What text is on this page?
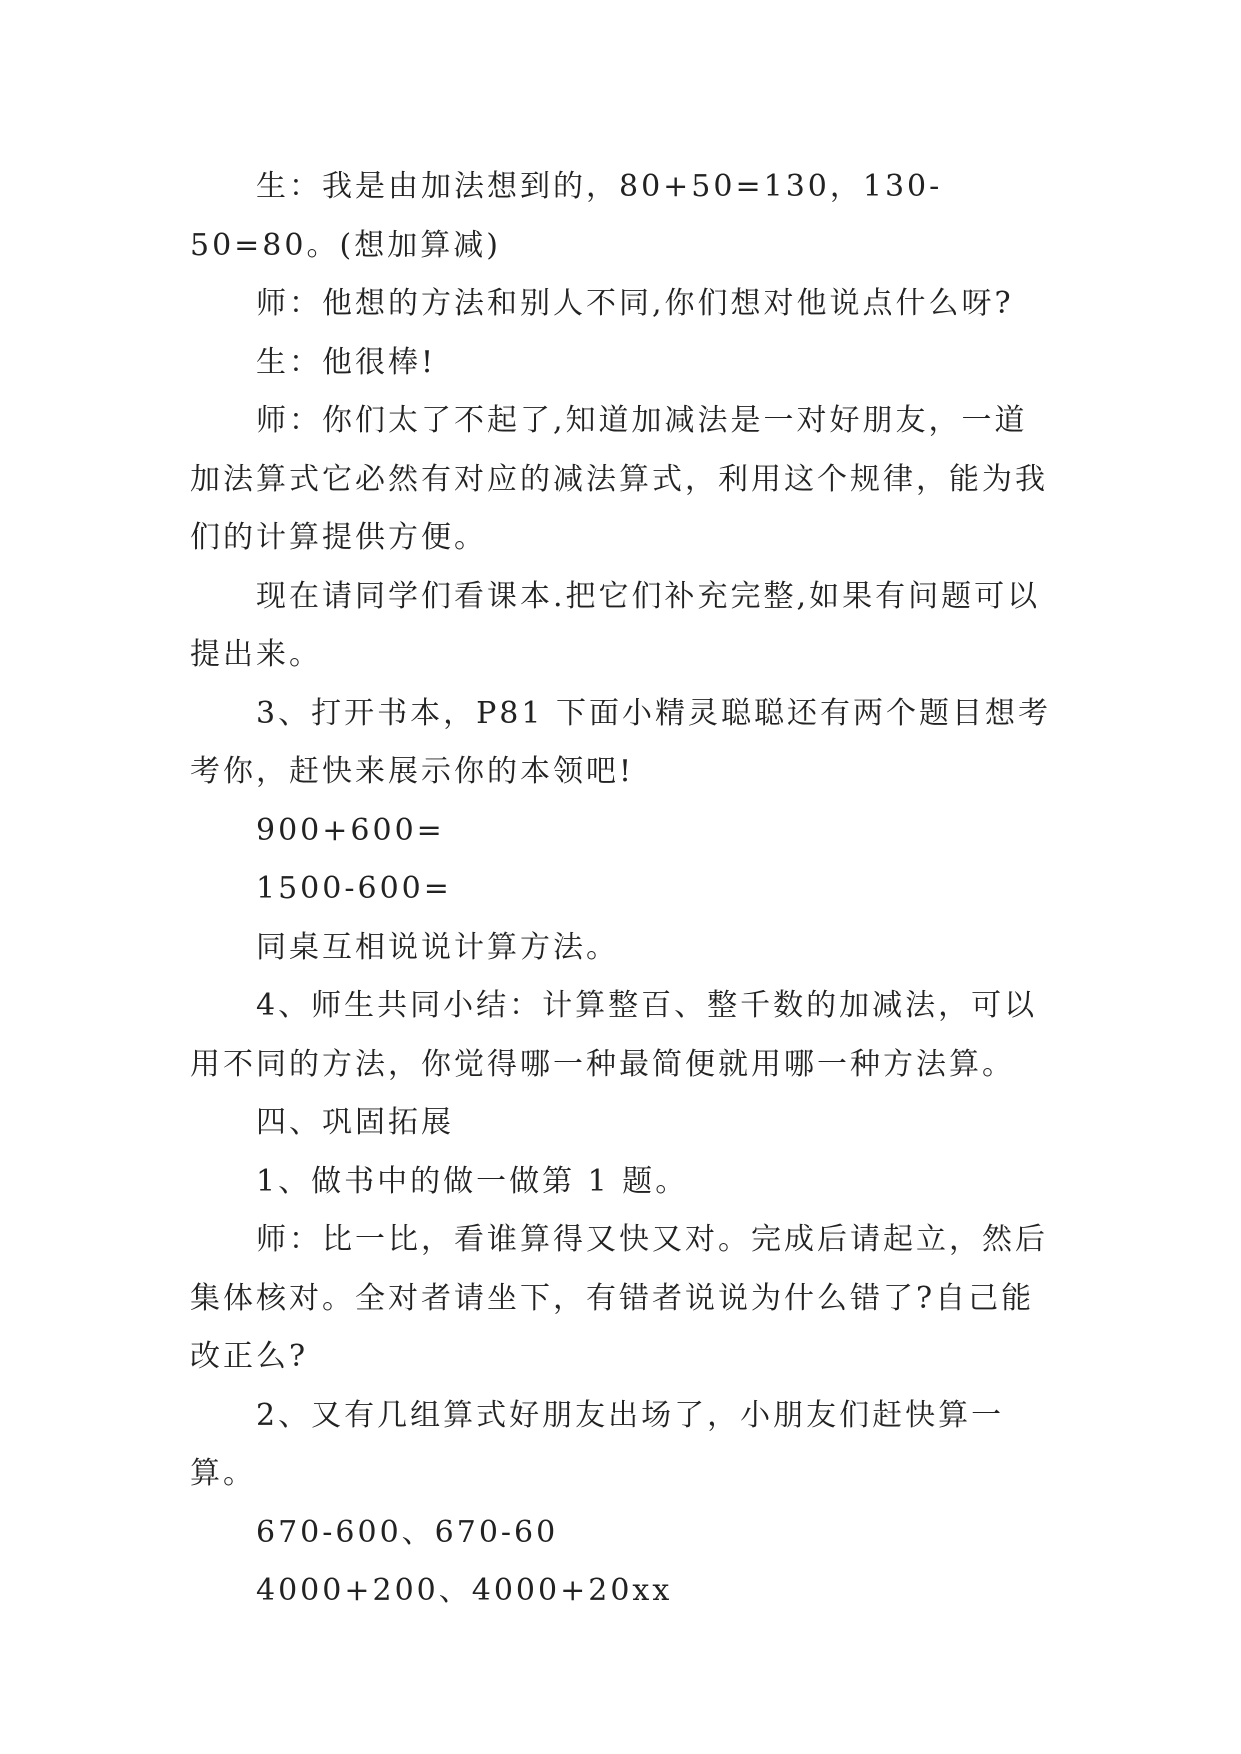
生：我是由加法想到的，80+50=130，130-50=80。(想加算减)

师：他想的方法和别人不同,你们想对他说点什么呀?

生：他很棒!

师：你们太了不起了,知道加减法是一对好朋友，一道加法算式它必然有对应的减法算式，利用这个规律，能为我们的计算提供方便。

现在请同学们看课本.把它们补充完整,如果有问题可以提出来。

3、打开书本，P81 下面小精灵聪聪还有两个题目想考考你，赶快来展示你的本领吧!

900+600=

1500-600=

同桌互相说说计算方法。

4、师生共同小结：计算整百、整千数的加减法，可以用不同的方法，你觉得哪一种最简便就用哪一种方法算。

四、巩固拓展

1、做书中的做一做第 1 题。

师：比一比，看谁算得又快又对。完成后请起立，然后集体核对。全对者请坐下，有错者说说为什么错了?自己能改正么?

2、又有几组算式好朋友出场了，小朋友们赶快算一算。

670-600、670-60

4000+200、4000+20xx
